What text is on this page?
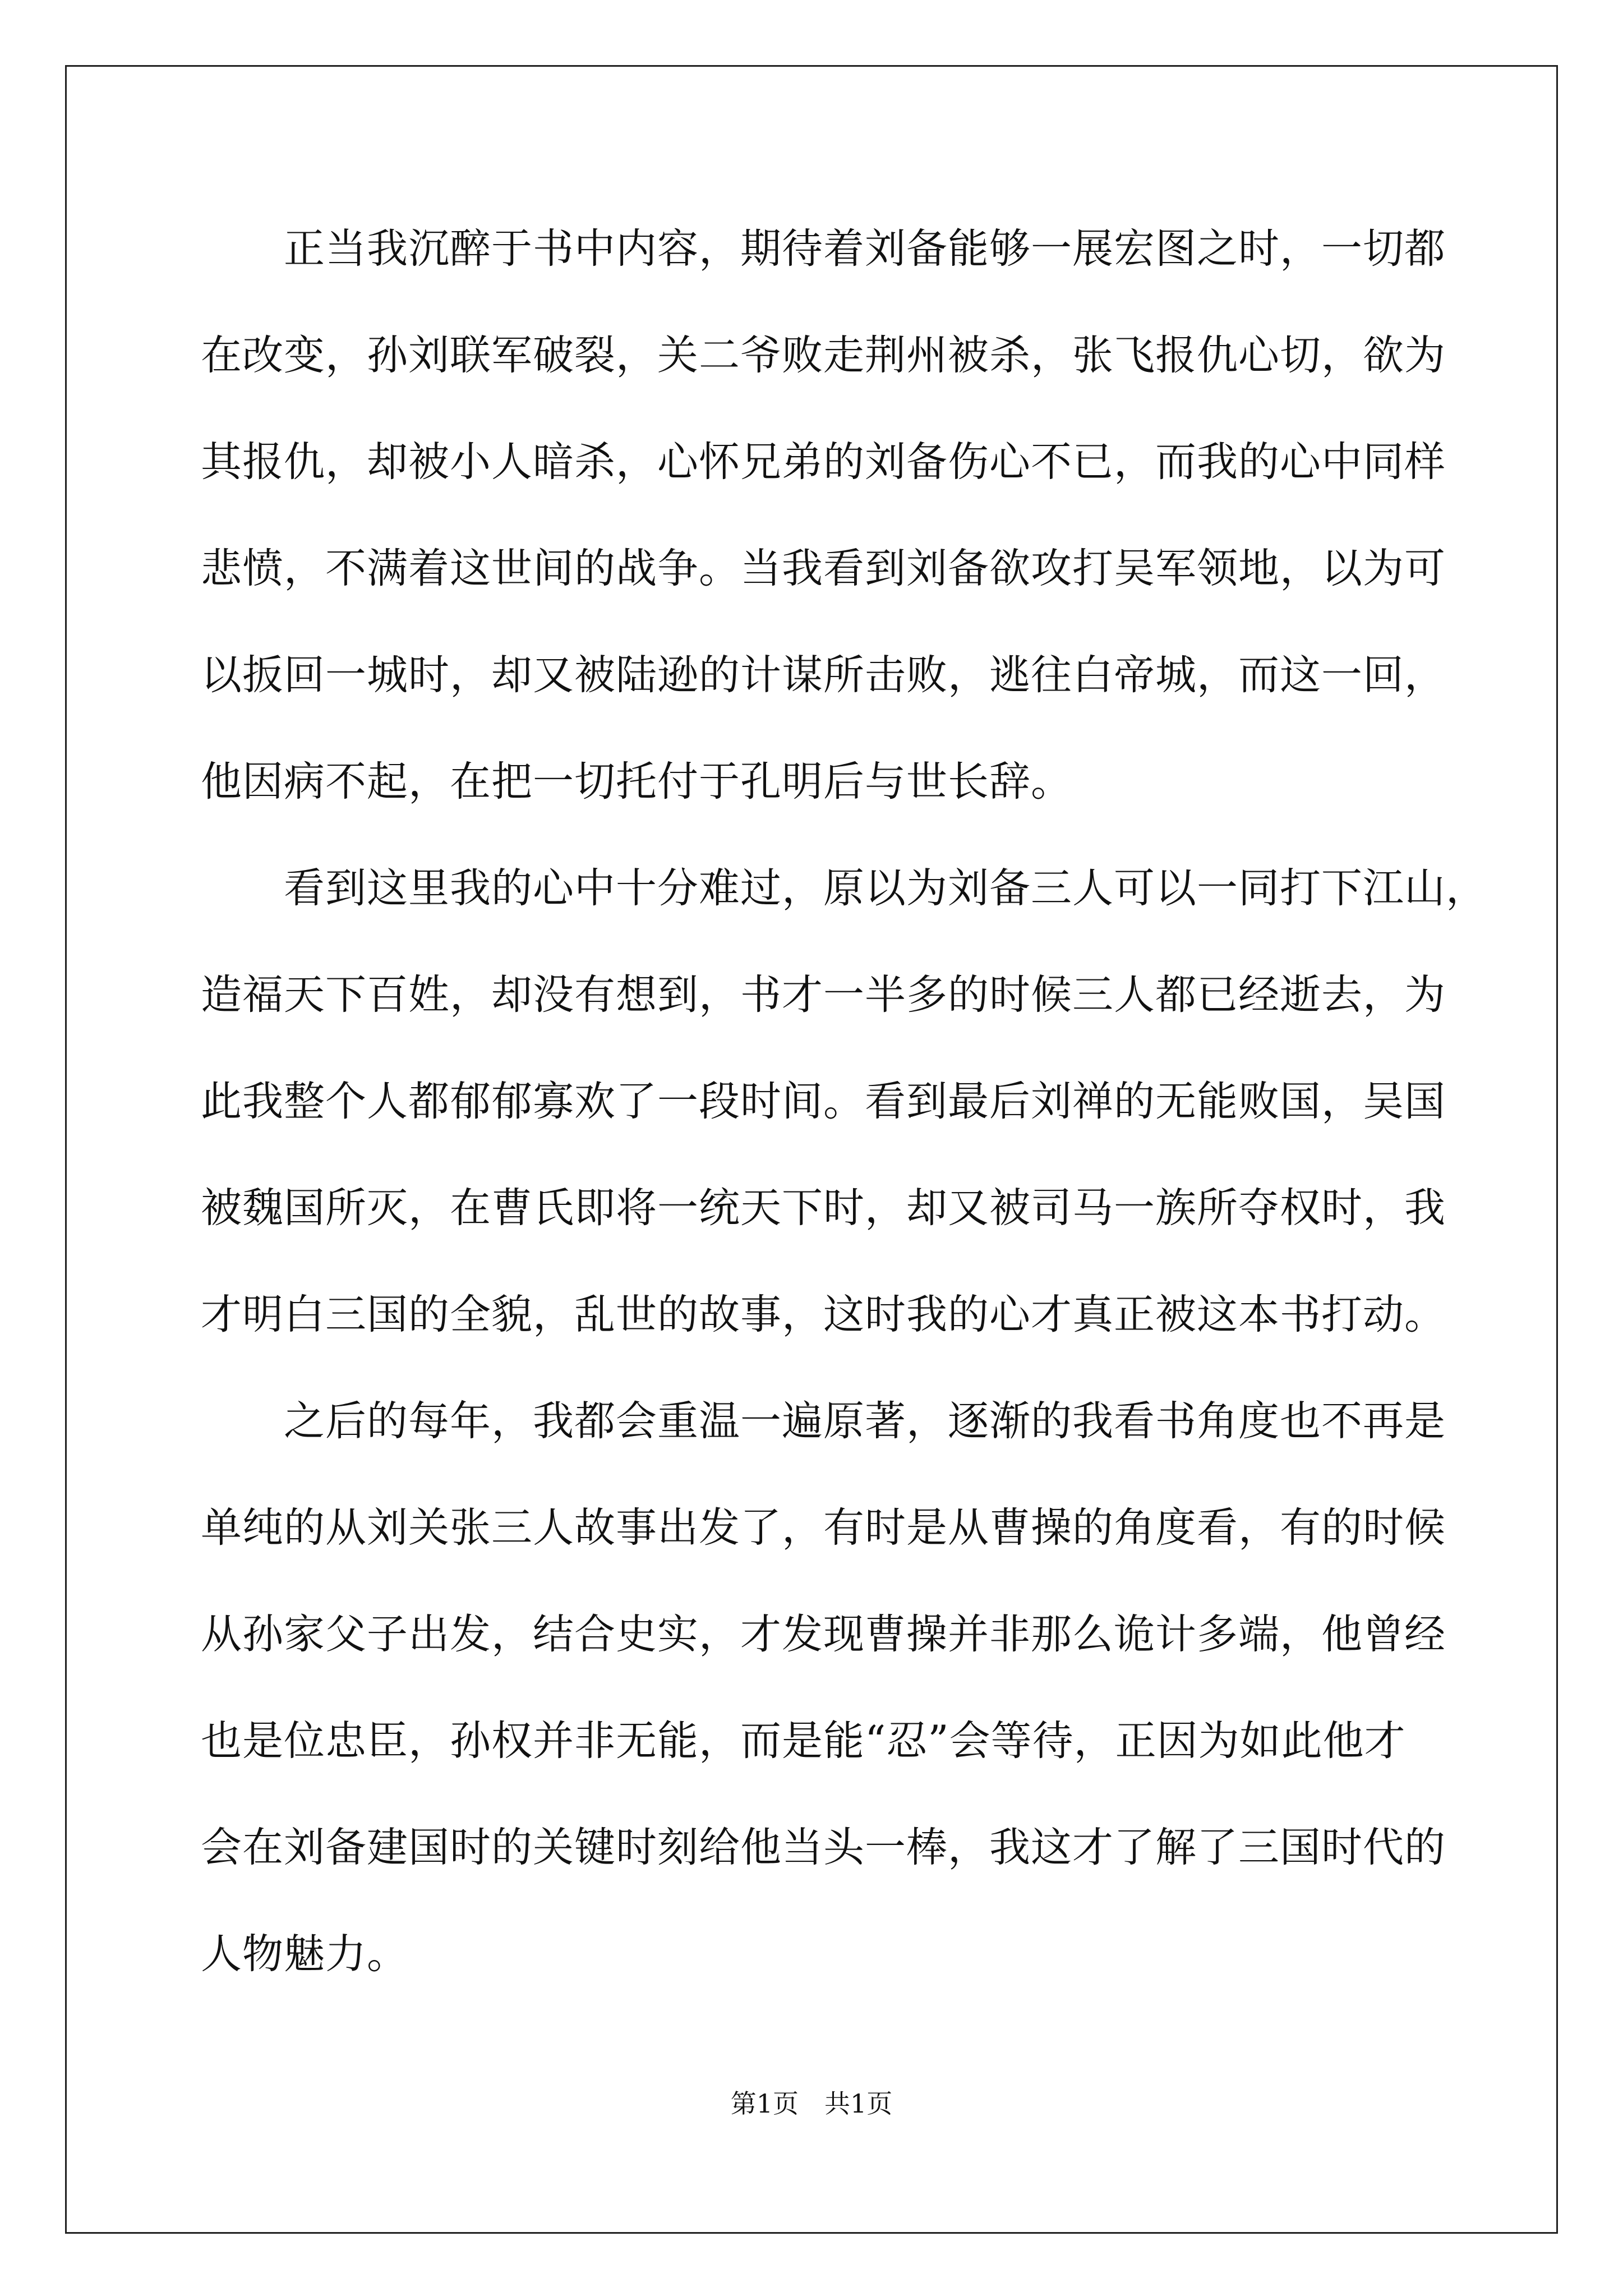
　　正当我沉醉于书中内容，期待着刘备能够一展宏图之时，一切都
在改变，孙刘联军破裂，关二爷败走荆州被杀，张飞报仇心切，欲为
其报仇，却被小人暗杀，心怀兄弟的刘备伤心不已，而我的心中同样
悲愤，不满着这世间的战争。当我看到刘备欲攻打吴军领地，以为可
以扳回一城时，却又被陆逊的计谋所击败，逃往白帝城，而这一回，
他因病不起，在把一切托付于孔明后与世长辞。
　　看到这里我的心中十分难过，原以为刘备三人可以一同打下江山，
造福天下百姓，却没有想到，书才一半多的时候三人都已经逝去，为
此我整个人都郁郁寡欢了一段时间。看到最后刘禅的无能败国，吴国
被魏国所灭，在曹氏即将一统天下时，却又被司马一族所夺权时，我
才明白三国的全貌，乱世的故事，这时我的心才真正被这本书打动。
　　之后的每年，我都会重温一遍原著，逐渐的我看书角度也不再是
单纯的从刘关张三人故事出发了，有时是从曹操的角度看，有的时候
从孙家父子出发，结合史实，才发现曹操并非那么诡计多端，他曾经
也是位忠臣，孙权并非无能，而是能“忍”会等待，正因为如此他才
会在刘备建国时的关键时刻给他当头一棒，我这才了解了三国时代的
人物魅力。
第1页　共1页
